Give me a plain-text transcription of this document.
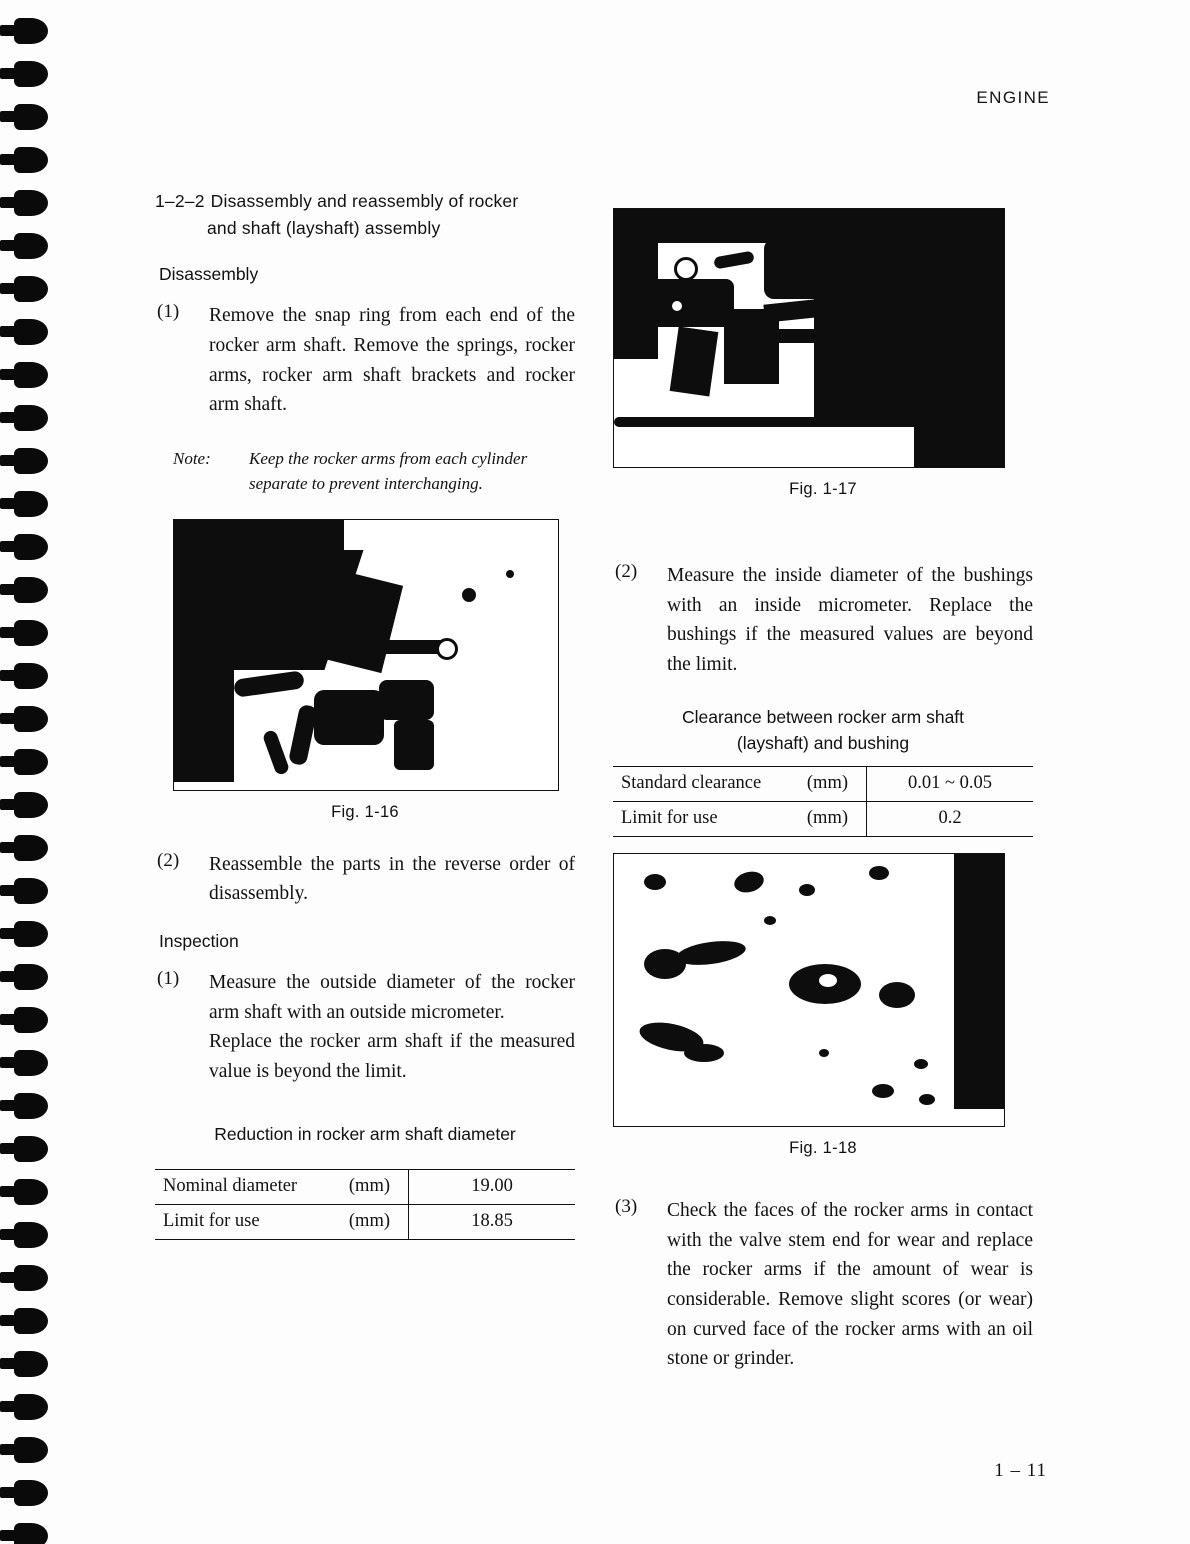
ENGINE
1–2–2 Disassembly and reassembly of rocker
and shaft (layshaft) assembly
Disassembly
(1)	Remove the snap ring from each end of the rocker arm shaft. Remove the springs, rocker arms, rocker arm shaft brackets and rocker arm shaft.

Note:	Keep the rocker arms from each cylinder separate to prevent interchanging.
Fig. 1-16
(2)	Reassemble the parts in the reverse order of disassembly.

Inspection
(1)	Measure the outside diameter of the rocker arm shaft with an outside micrometer.

Replace the rocker arm shaft if the measured value is beyond the limit.

Reduction in rocker arm shaft diameter
Nominal diameter	(mm)	19.00
Limit for use	(mm)	18.85
Fig. 1-17
(2)	Measure the inside diameter of the bushings with an inside micrometer. Replace the bushings if the measured values are beyond the limit.

Clearance between rocker arm shaft
(layshaft) and bushing
Standard clearance	(mm)	0.01 ~ 0.05
Limit for use	(mm)	0.2
Fig. 1-18
(3)	Check the faces of the rocker arms in contact with the valve stem end for wear and replace the rocker arms if the amount of wear is considerable. Remove slight scores (or wear) on curved face of the rocker arms with an oil stone or grinder.

1 – 11
